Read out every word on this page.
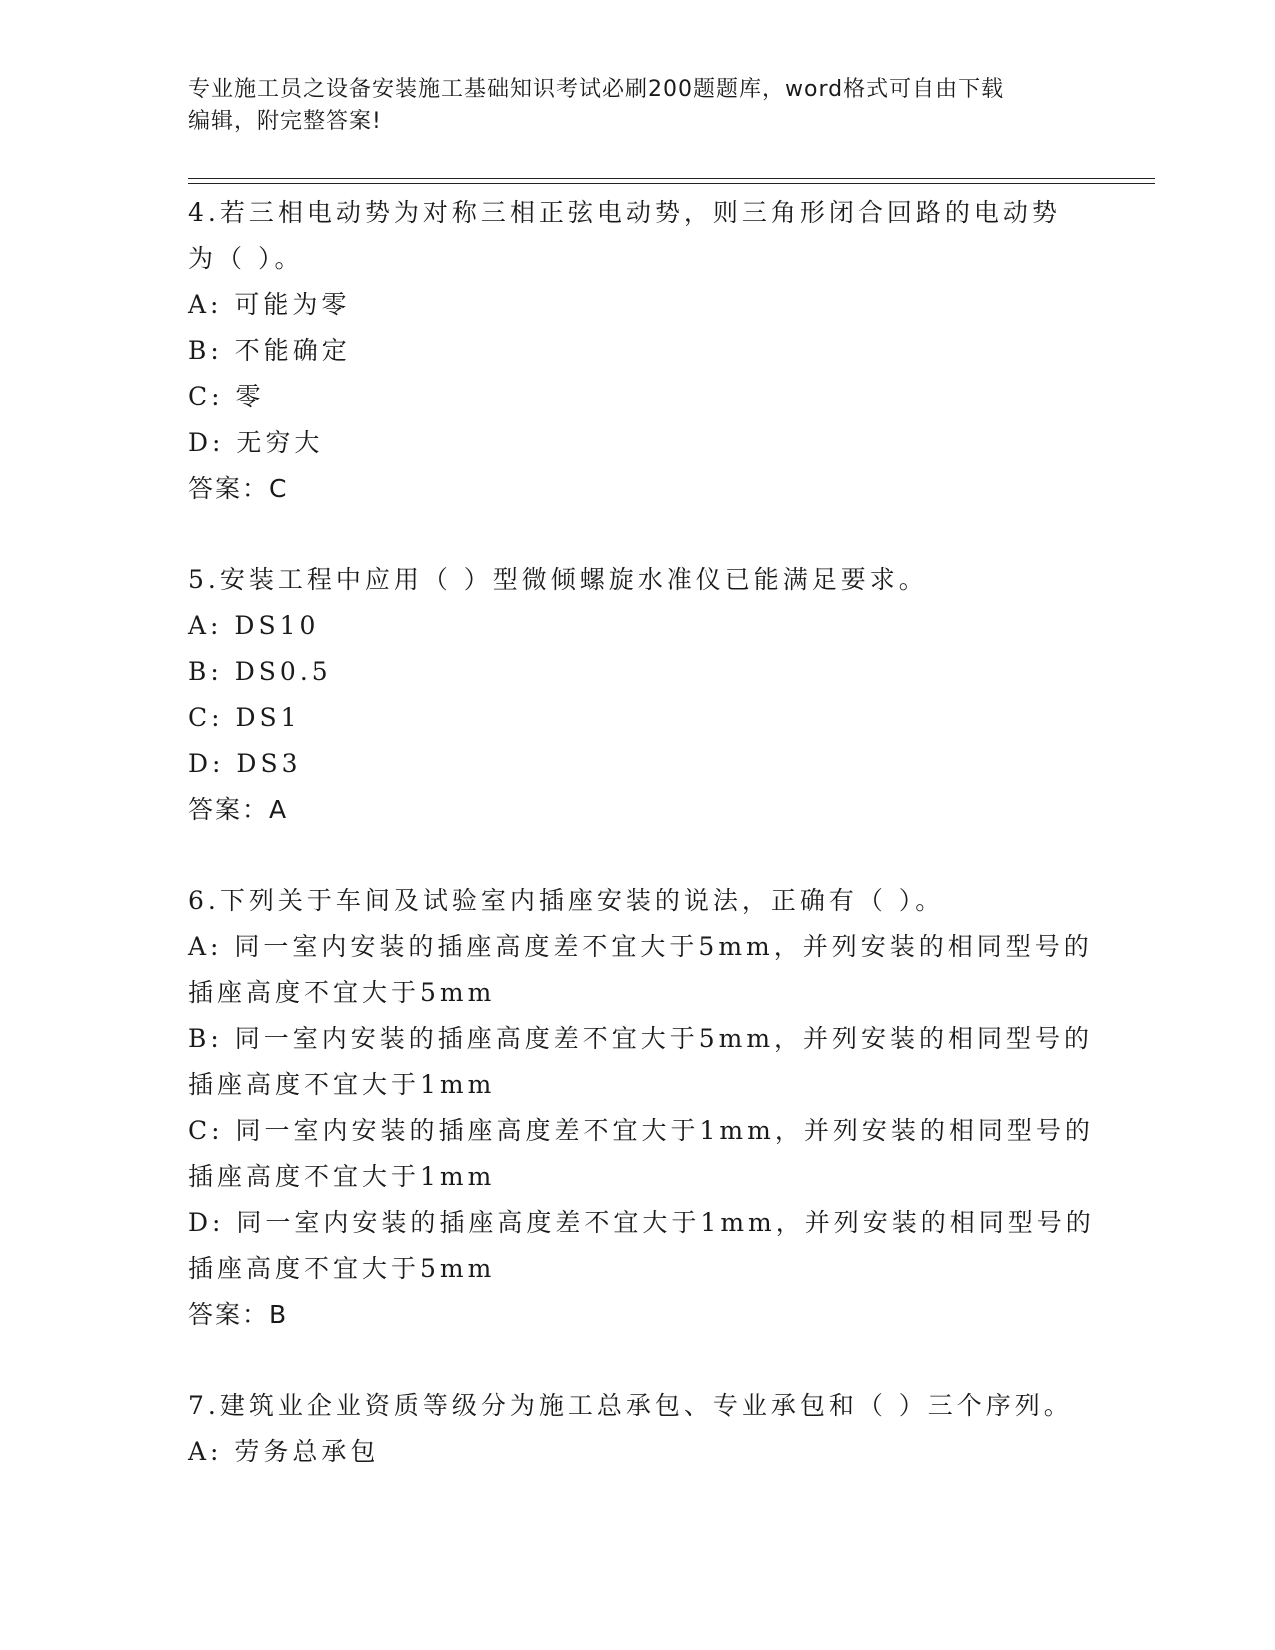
专业施工员之设备安装施工基础知识考试必刷200题题库，word格式可自由下载
编辑，附完整答案!
4.若三相电动势为对称三相正弦电动势，则三角形闭合回路的电动势
为（ ）。
A: 可能为零
B: 不能确定
C: 零
D: 无穷大
答案：C
5.安装工程中应用（ ）型微倾螺旋水准仪已能满足要求。
A: DS10
B: DS0.5
C: DS1
D: DS3
答案：A
6.下列关于车间及试验室内插座安装的说法，正确有（ ）。
A: 同一室内安装的插座高度差不宜大于5mm，并列安装的相同型号的
插座高度不宜大于5mm
B: 同一室内安装的插座高度差不宜大于5mm，并列安装的相同型号的
插座高度不宜大于1mm
C: 同一室内安装的插座高度差不宜大于1mm，并列安装的相同型号的
插座高度不宜大于1mm
D: 同一室内安装的插座高度差不宜大于1mm，并列安装的相同型号的
插座高度不宜大于5mm
答案：B
7.建筑业企业资质等级分为施工总承包、专业承包和（ ）三个序列。
A: 劳务总承包
